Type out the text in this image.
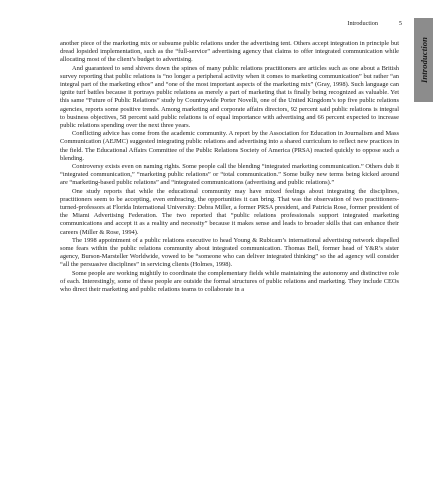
Introduction	5
Introduction

another piece of the marketing mix or subsume public relations under the advertising tent. Others accept integration in principle but dread lopsided implementation, such as the “full-service” advertising agency that claims to offer integrated communication while allocating most of the client’s budget to advertising.

And guaranteed to send shivers down the spines of many public relations practitioners are articles such as one about a British survey reporting that public relations is “no longer a peripheral activity when it comes to marketing communication” but rather “an integral part of the marketing ethos” and “one of the most important aspects of the marketing mix” (Gray, 1998). Such language can ignite turf battles because it portrays public relations as merely a part of marketing that is finally being recognized as valuable. Yet this same “Future of Public Relations” study by Countrywide Porter Novelli, one of the United Kingdom’s top five public relations agencies, reports some positive trends. Among marketing and corporate affairs directors, 92 percent said public relations is integral to business objectives, 58 percent said public relations is of equal importance with advertising and 66 percent expected to increase public relations spending over the next three years.

Conflicting advice has come from the academic community. A report by the Association for Education in Journalism and Mass Communication (AEJMC) suggested integrating public relations and advertising into a shared curriculum to reflect new practices in the field. The Educational Affairs Committee of the Public Relations Society of America (PRSA) reacted quickly to oppose such a blending.

Controversy exists even on naming rights. Some people call the blending “integrated marketing communication.” Others dub it “integrated communication,” “marketing public relations” or “total communication.” Some bulky new terms being kicked around are “marketing-based public relations” and “integrated communications (advertising and public relations).”

One study reports that while the educational community may have mixed feelings about integrating the disciplines, practitioners seem to be accepting, even embracing, the opportunities it can bring. That was the observation of two practitioners-turned-professors at Florida International University: Debra Miller, a former PRSA president, and Patricia Rose, former president of the Miami Advertising Federation. The two reported that “public relations professionals support integrated marketing communications and accept it as a reality and necessity” because it makes sense and leads to broader skills that can enhance their careers (Miller & Rose, 1994).

The 1998 appointment of a public relations executive to head Young & Rubicam’s international advertising network dispelled some fears within the public relations community about integrated communication. Thomas Bell, former head of Y&R’s sister agency, Burson-Marsteller Worldwide, vowed to be “someone who can deliver integrated thinking” so the ad agency will consider “all the persuasive disciplines” in servicing clients (Holmes, 1998).

Some people are working mightily to coordinate the complementary fields while maintaining the autonomy and distinctive role of each. Interestingly, some of these people are outside the formal structures of public relations and marketing. They include CEOs who direct their marketing and public relations teams to collaborate in a
